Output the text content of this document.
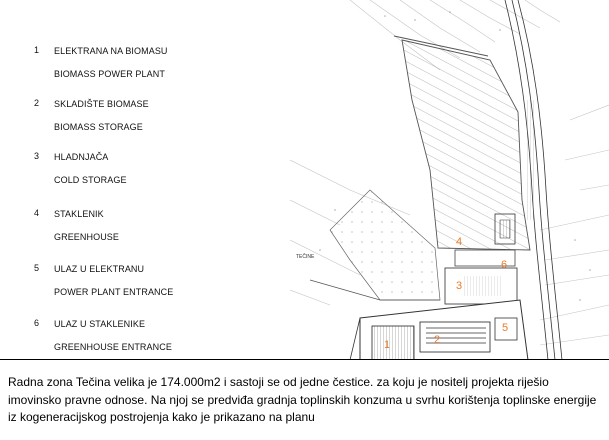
1 ELEKTRANA NA BIOMASU
BIOMASS POWER PLANT
2 SKLADIŠTE BIOMASE
BIOMASS STORAGE
3 HLADNJAČA
COLD STORAGE
4 STAKLENIK
GREENHOUSE
5 ULAZ U ELEKTRANU
POWER PLANT ENTRANCE
6 ULAZ U STAKLENIKE
GREENHOUSE ENTRANCE
TEČINE
4
6
3
5
1	2
Radna zona Tečina velika je 174.000m2 i sastoji se od jedne čestice. za koju je nositelj projekta riješio imovinsko pravne odnose. Na njoj se predviđa gradnja toplinskih konzuma u svrhu korištenja toplinske energije iz kogeneracijskog postrojenja kako je prikazano na planu
